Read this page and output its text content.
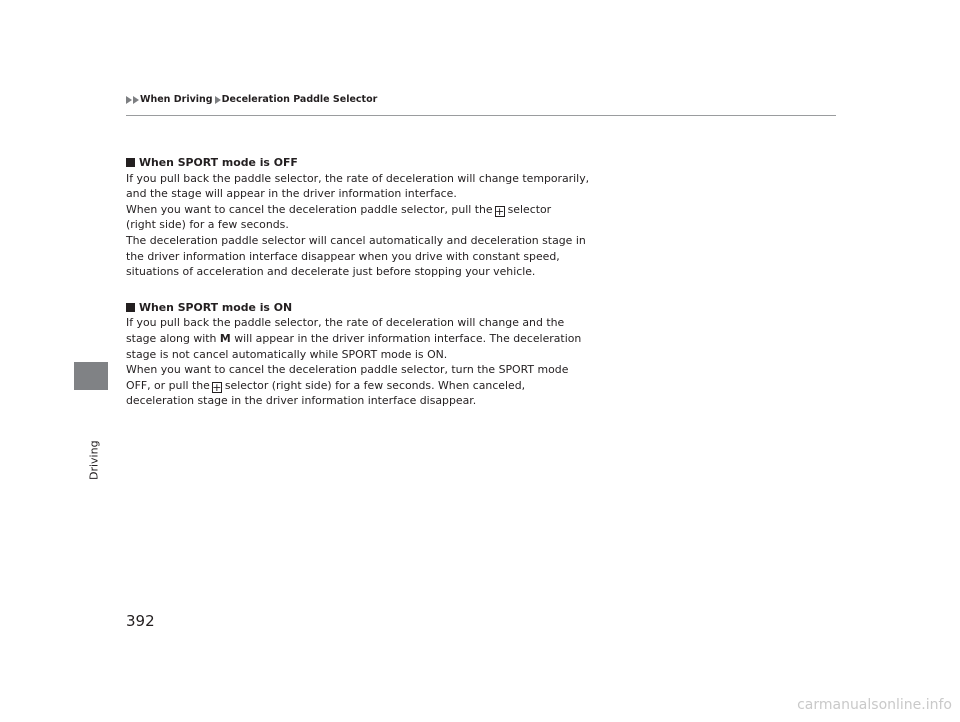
When Driving Deceleration Paddle Selector
Driving
When SPORT mode is OFF
If you pull back the paddle selector, the rate of deceleration will change temporarily,
and the stage will appear in the driver information interface.
When you want to cancel the deceleration paddle selector, pull the + selector
(right side) for a few seconds.
The deceleration paddle selector will cancel automatically and deceleration stage in
the driver information interface disappear when you drive with constant speed,
situations of acceleration and decelerate just before stopping your vehicle.
When SPORT mode is ON
If you pull back the paddle selector, the rate of deceleration will change and the
stage along with M will appear in the driver information interface. The deceleration
stage is not cancel automatically while SPORT mode is ON.
When you want to cancel the deceleration paddle selector, turn the SPORT mode
OFF, or pull the + selector (right side) for a few seconds. When canceled,
deceleration stage in the driver information interface disappear.
392
carmanualsonline.info
